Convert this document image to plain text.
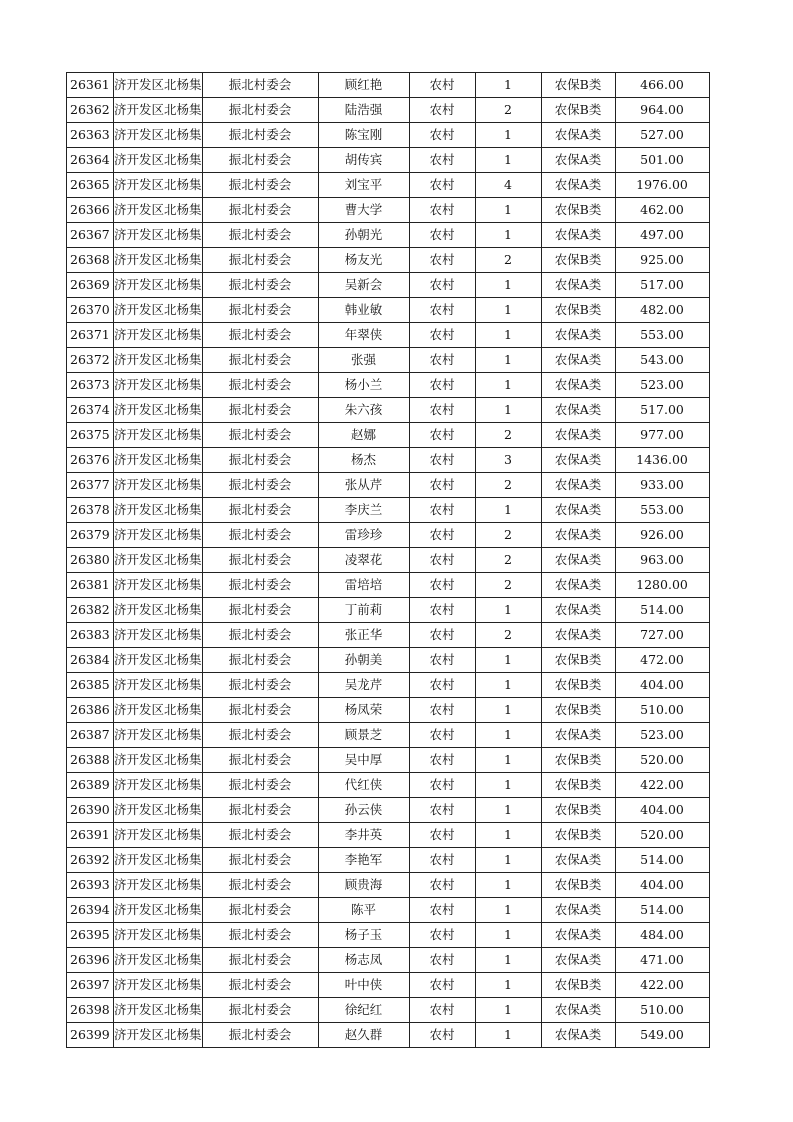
26361	济开发区北杨集	振北村委会	顾红艳	农村	1	农保B类	466.00
26362	济开发区北杨集	振北村委会	陆浩强	农村	2	农保B类	964.00
26363	济开发区北杨集	振北村委会	陈宝刚	农村	1	农保A类	527.00
26364	济开发区北杨集	振北村委会	胡传宾	农村	1	农保A类	501.00
26365	济开发区北杨集	振北村委会	刘宝平	农村	4	农保A类	1976.00
26366	济开发区北杨集	振北村委会	曹大学	农村	1	农保B类	462.00
26367	济开发区北杨集	振北村委会	孙朝光	农村	1	农保A类	497.00
26368	济开发区北杨集	振北村委会	杨友光	农村	2	农保B类	925.00
26369	济开发区北杨集	振北村委会	吴新会	农村	1	农保A类	517.00
26370	济开发区北杨集	振北村委会	韩业敏	农村	1	农保B类	482.00
26371	济开发区北杨集	振北村委会	年翠侠	农村	1	农保A类	553.00
26372	济开发区北杨集	振北村委会	张强	农村	1	农保A类	543.00
26373	济开发区北杨集	振北村委会	杨小兰	农村	1	农保A类	523.00
26374	济开发区北杨集	振北村委会	朱六孩	农村	1	农保A类	517.00
26375	济开发区北杨集	振北村委会	赵娜	农村	2	农保A类	977.00
26376	济开发区北杨集	振北村委会	杨杰	农村	3	农保A类	1436.00
26377	济开发区北杨集	振北村委会	张从芹	农村	2	农保A类	933.00
26378	济开发区北杨集	振北村委会	李庆兰	农村	1	农保A类	553.00
26379	济开发区北杨集	振北村委会	雷珍珍	农村	2	农保A类	926.00
26380	济开发区北杨集	振北村委会	凌翠花	农村	2	农保A类	963.00
26381	济开发区北杨集	振北村委会	雷培培	农村	2	农保A类	1280.00
26382	济开发区北杨集	振北村委会	丁前莉	农村	1	农保A类	514.00
26383	济开发区北杨集	振北村委会	张正华	农村	2	农保A类	727.00
26384	济开发区北杨集	振北村委会	孙朝美	农村	1	农保B类	472.00
26385	济开发区北杨集	振北村委会	吴龙芹	农村	1	农保B类	404.00
26386	济开发区北杨集	振北村委会	杨凤荣	农村	1	农保B类	510.00
26387	济开发区北杨集	振北村委会	顾景芝	农村	1	农保A类	523.00
26388	济开发区北杨集	振北村委会	吴中厚	农村	1	农保B类	520.00
26389	济开发区北杨集	振北村委会	代红侠	农村	1	农保B类	422.00
26390	济开发区北杨集	振北村委会	孙云侠	农村	1	农保B类	404.00
26391	济开发区北杨集	振北村委会	李井英	农村	1	农保B类	520.00
26392	济开发区北杨集	振北村委会	李艳军	农村	1	农保A类	514.00
26393	济开发区北杨集	振北村委会	顾贵海	农村	1	农保B类	404.00
26394	济开发区北杨集	振北村委会	陈平	农村	1	农保A类	514.00
26395	济开发区北杨集	振北村委会	杨子玉	农村	1	农保A类	484.00
26396	济开发区北杨集	振北村委会	杨志凤	农村	1	农保A类	471.00
26397	济开发区北杨集	振北村委会	叶中侠	农村	1	农保B类	422.00
26398	济开发区北杨集	振北村委会	徐纪红	农村	1	农保A类	510.00
26399	济开发区北杨集	振北村委会	赵久群	农村	1	农保A类	549.00
